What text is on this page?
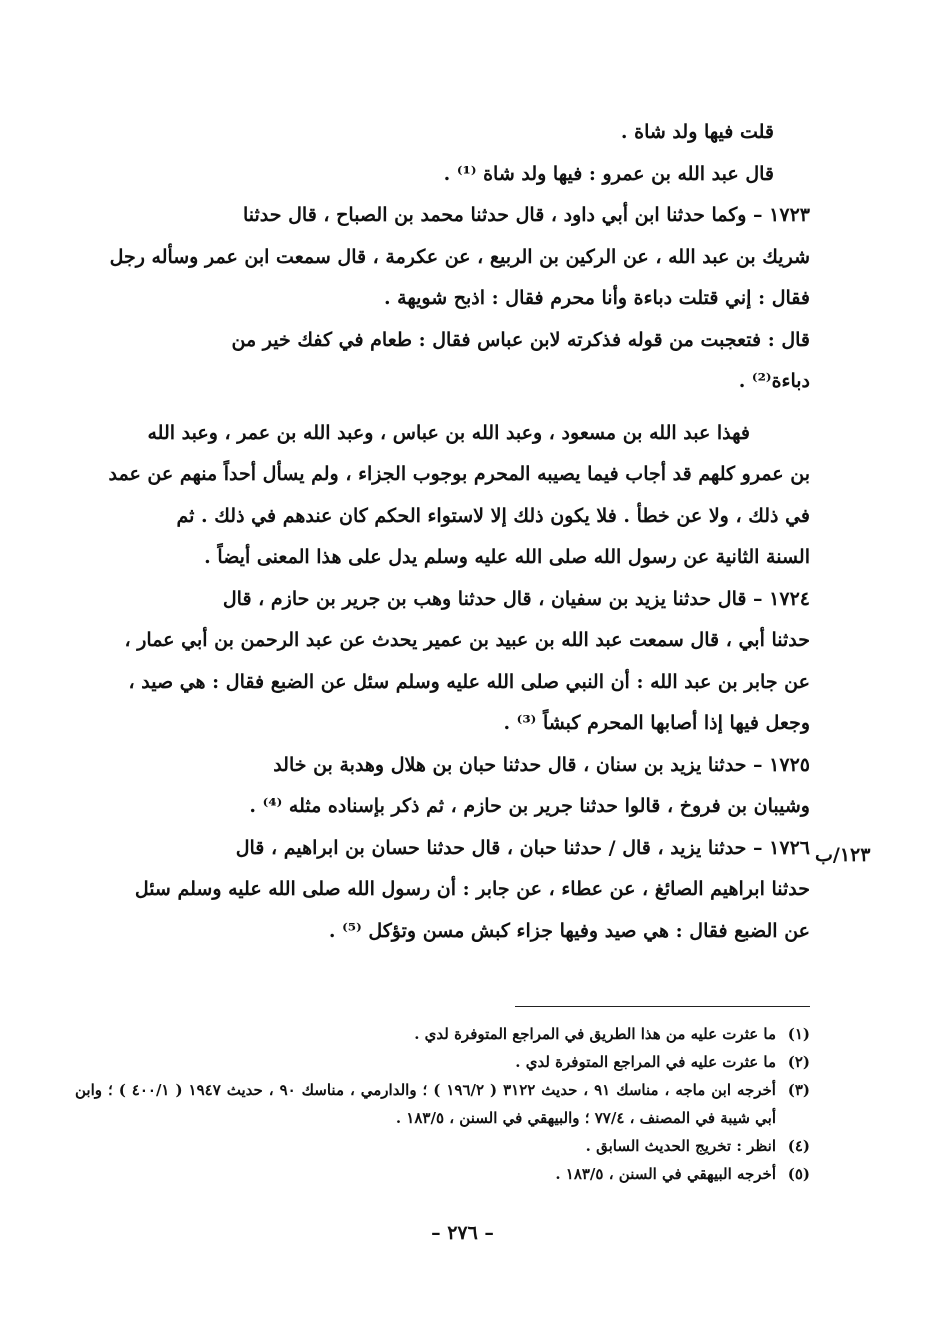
قلت فيها ولد شاة .
قال عبد الله بن عمرو : فيها ولد شاة ⁽¹⁾ .
١٧٢٣ – وكما حدثنا ابن أبي داود ، قال حدثنا محمد بن الصباح ، قال حدثنا
شريك بن عبد الله ، عن الركين بن الربيع ، عن عكرمة ، قال سمعت ابن عمر وسأله رجل
فقال : إني قتلت دباءة وأنا محرم فقال : اذبح شويهة .
قال : فتعجبت من قوله فذكرته لابن عباس فقال : طعام في كفك خير من
دباءة⁽²⁾ .
فهذا عبد الله بن مسعود ، وعبد الله بن عباس ، وعبد الله بن عمر ، وعبد الله
بن عمرو كلهم قد أجاب فيما يصيبه المحرم بوجوب الجزاء ، ولم يسأل أحداً منهم عن عمد
في ذلك ، ولا عن خطأ . فلا يكون ذلك إلا لاستواء الحكم كان عندهم في ذلك . ثم
السنة الثانية عن رسول الله صلى الله عليه وسلم يدل على هذا المعنى أيضاً .
١٧٢٤ – قال حدثنا يزيد بن سفيان ، قال حدثنا وهب بن جرير بن حازم ، قال
حدثنا أبي ، قال سمعت عبد الله بن عبيد بن عمير يحدث عن عبد الرحمن بن أبي عمار ،
عن جابر بن عبد الله : أن النبي صلى الله عليه وسلم سئل عن الضبع فقال : هي صيد ،
وجعل فيها إذا أصابها المحرم كبشاً ⁽³⁾ .
١٧٢٥ – حدثنا يزيد بن سنان ، قال حدثنا حبان بن هلال وهدبة بن خالد
وشيبان بن فروخ ، قالوا حدثنا جرير بن حازم ، ثم ذكر بإسناده مثله ⁽⁴⁾ .
١٧٢٦ – حدثنا يزيد ، قال / حدثنا حبان ، قال حدثنا حسان بن ابراهيم ، قال
حدثنا ابراهيم الصائغ ، عن عطاء ، عن جابر : أن رسول الله صلى الله عليه وسلم سئل
عن الضبع فقال : هي صيد وفيها جزاء كبش مسن وتؤكل ⁽⁵⁾ .
١٢٣/ب
(١)
ما عثرت عليه من هذا الطريق في المراجع المتوفرة لدي .
(٢)
ما عثرت عليه في المراجع المتوفرة لدي .
(٣)
أخرجه ابن ماجه ، مناسك ٩١ ، حديث ٣١٢٢ ( ١٩٦/٢ ) ؛ والدارمي ، مناسك ٩٠ ، حديث ١٩٤٧ ( ٤٠٠/١ ) ؛ وابن أبي شيبة في المصنف ، ٧٧/٤ ؛ والبيهقي في السنن ، ١٨٣/٥ .
(٤)
انظر : تخريج الحديث السابق .
(٥)
أخرجه البيهقي في السنن ، ١٨٣/٥ .
– ٢٧٦ –
